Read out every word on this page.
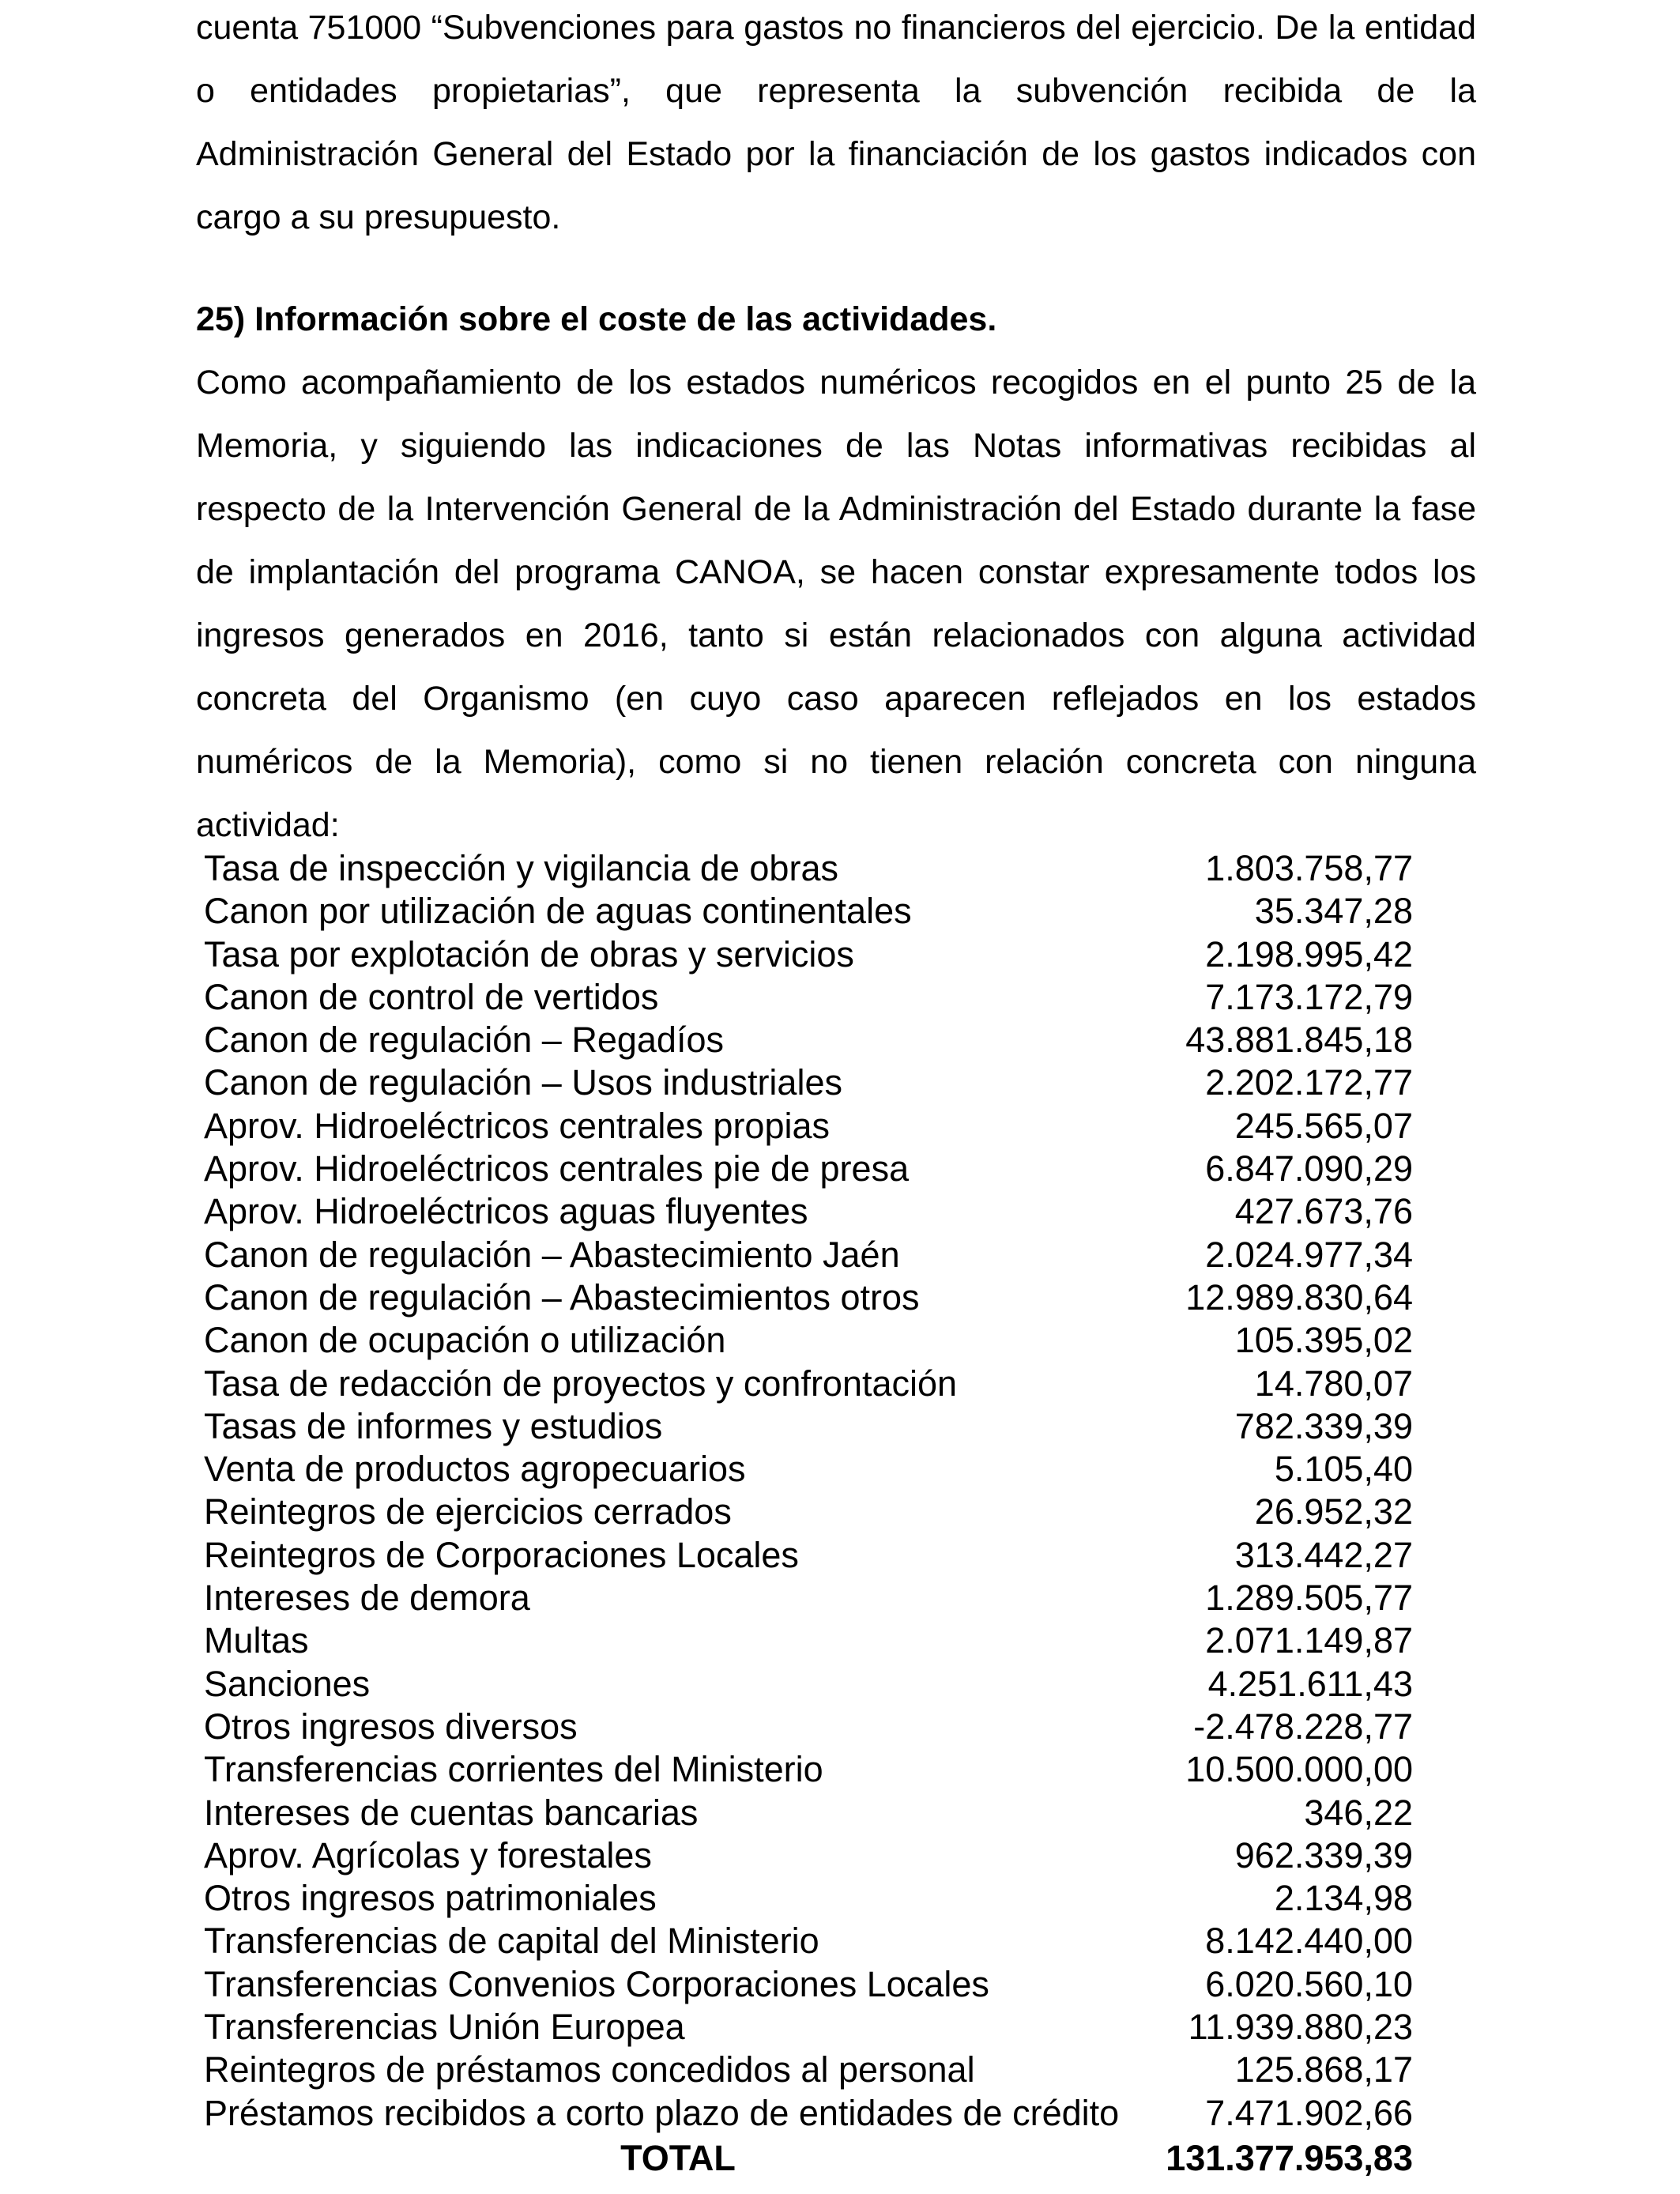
cuenta 751000 “Subvenciones para gastos no financieros del ejercicio. De la entidad o entidades propietarias”, que representa la subvención recibida de la Administración General del Estado por la financiación de los gastos indicados con cargo a su presupuesto.

25) Información sobre el coste de las actividades.

Como acompañamiento de los estados numéricos recogidos en el punto 25 de la Memoria, y siguiendo las indicaciones de las Notas informativas recibidas al respecto de la Intervención General de la Administración del Estado durante la fase de implantación del programa CANOA, se hacen constar expresamente todos los ingresos generados en 2016, tanto si están relacionados con alguna actividad concreta del Organismo (en cuyo caso aparecen reflejados en los estados numéricos de la Memoria), como si no tienen relación concreta con ninguna actividad:

Tasa de inspección y vigilancia de obras	1.803.758,77
Canon por utilización de aguas continentales	35.347,28
Tasa por explotación de obras y servicios	2.198.995,42
Canon de control de vertidos	7.173.172,79
Canon de regulación – Regadíos	43.881.845,18
Canon de regulación – Usos industriales	2.202.172,77
Aprov. Hidroeléctricos centrales propias	245.565,07
Aprov. Hidroeléctricos centrales pie de presa	6.847.090,29
Aprov. Hidroeléctricos aguas fluyentes	427.673,76
Canon de regulación – Abastecimiento Jaén	2.024.977,34
Canon de regulación – Abastecimientos otros	12.989.830,64
Canon de ocupación o utilización	105.395,02
Tasa de redacción de proyectos y confrontación	14.780,07
Tasas de informes y estudios	782.339,39
Venta de productos agropecuarios	5.105,40
Reintegros de ejercicios cerrados	26.952,32
Reintegros de Corporaciones Locales	313.442,27
Intereses de demora	1.289.505,77
Multas	2.071.149,87
Sanciones	4.251.611,43
Otros ingresos diversos	-2.478.228,77
Transferencias corrientes del Ministerio	10.500.000,00
Intereses de cuentas bancarias	346,22
Aprov. Agrícolas y forestales	962.339,39
Otros ingresos patrimoniales	2.134,98
Transferencias de capital del Ministerio	8.142.440,00
Transferencias Convenios Corporaciones Locales	6.020.560,10
Transferencias Unión Europea	11.939.880,23
Reintegros de préstamos concedidos al personal	125.868,17
Préstamos recibidos a corto plazo de entidades de crédito	7.471.902,66
TOTAL	131.377.953,83
